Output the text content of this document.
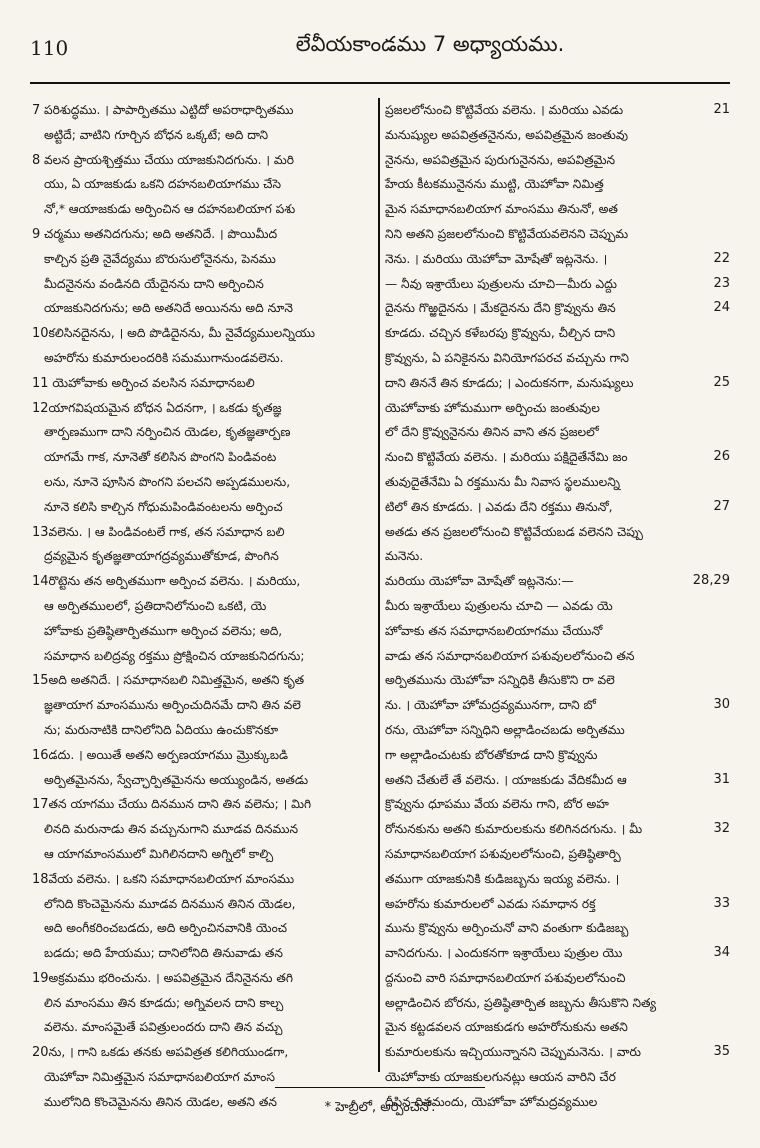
110	లేవీయకాండము 7 అధ్యాయము.
7 పరిశుద్ధము. । పాపార్పితము ఎట్టిదో అపరాధార్పితము
అట్టిదే; వాటిని గూర్చిన బోధన ఒక్కటే; అది దాని
8 వలన ప్రాయశ్చిత్తము చేయు యాజకునిదగును. । మరి
యు, ఏ యాజకుడు ఒకని దహనబలియాగము చేసె
నో,* ఆయాజకుడు అర్పించిన ఆ దహనబలియాగ పశు
9 చర్మము అతనిదగును; అది అతనిదే. । పొయిమీద
కాల్చిన ప్రతి నైవేద్యము బొరుసులోనైనను, పెనము
మీదనైనను వండినది యేదైనను దాని అర్పించిన
యాజకునిదగును; అది అతనిదే అయినను అది నూనె
10కలిసినదైనను, । అది పొడిదైనను, మీ నైవేద్యములన్నియు
అహరోను కుమారులందరికి సమముగానుండవలెను.
11 యెహోవాకు అర్పించ వలసిన సమాధానబలి
12యాగవిషయమైన బోధన ఏదనగా, । ఒకడు కృతజ్ఞ
తార్పణముగా దాని నర్పించిన యెడల, కృతజ్ఞతార్పణ
యాగమే గాక, నూనెతో కలిసిన పొంగని పిండివంట
లను, నూనె పూసిన పొంగని పలచని అప్పడములను,
నూనె కలిసి కాల్చిన గోధుమపిండివంటలను అర్పించ
13వలెను. । ఆ పిండివంటలే గాక, తన సమాధాన బలి
ద్రవ్యమైన కృతజ్ఞతాయాగద్రవ్యముతోకూడ, పొంగిన
14రొట్టెను తన అర్పితముగా అర్పించ వలెను. । మరియు,
ఆ అర్పితములలో, ప్రతిదానిలోనుంచి ఒకటి, యె
హోవాకు ప్రతిష్ఠితార్పితముగా అర్పించ వలెను; అది,
సమాధాన బలిద్రవ్య రక్తము ప్రోక్షించిన యాజకునిదగును;
15అది అతనిదే. । సమాధానబలి నిమిత్తమైన, అతని కృత
జ్ఞతాయాగ మాంసమును అర్పించుదినమే దాని తిన వలె
ను; మరునాటికి దానిలోనిది ఏదియు ఉంచుకొనకూ
16డదు. । అయితే అతని అర్పణయాగము మ్రొక్కుబడి
అర్పితమైనను, స్వేచ్ఛార్పితమైనను అయ్యుండిన, అతడు
17తన యాగము చేయు దినమున దాని తిన వలెను; । మిగి
లినది మరునాడు తిన వచ్చునుగాని మూడవ దినమున
ఆ యాగమాంసములో మిగిలినదాని అగ్నిలో కాల్చి
18వేయ వలెను. । ఒకని సమాధానబలియాగ మాంసము
లోనిది కొంచెమైనను మూడవ దినమున తినిన యెడల,
అది అంగీకరించబడదు, అది అర్పించినవానికి యెంచ
బడదు; అది హేయము; దానిలోనిది తినువాడు తన
19అక్రమము భరించును. । అపవిత్రమైన దేనినైనను తగి
లిన మాంసము తిన కూడదు; అగ్నివలన దాని కాల్చ
వలెను. మాంసమైతే పవిత్రులందరు దాని తిన వచ్చు
20ను, । గాని ఒకడు తనకు అపవిత్రత కలిగియుండగా,
యెహోవా నిమిత్తమైన సమాధానబలియాగ మాంస
ములోనిది కొంచెమైనను తినిన యెడల, అతని తన
ప్రజలలోనుంచి కొట్టివేయ వలెను. । మరియు ఎవడు	21
మనుష్యుల అపవిత్రతనైనను, అపవిత్రమైన జంతువు
నైనను, అపవిత్రమైన పురుగునైనను, అపవిత్రమైన
హేయ కీటకమునైనను ముట్టి, యెహోవా నిమిత్త
మైన సమాధానబలియాగ మాంసము తినునో, అత
నిని అతని ప్రజలలోనుంచి కొట్టివేయవలెనని చెప్పుమ
నెను. । మరియు యెహోవా మోషేతో ఇట్లనెను. ।	22
— నీవు ఇశ్రాయేలు పుత్రులను చూచి—మీరు ఎద్దు	23
దైనను గొఱ్ఱదైనను । మేకదైనను దేని క్రొవ్వును తిన	24
కూడదు. చచ్చిన కళేబరపు క్రొవ్వును, చీల్చిన దాని
క్రొవ్వును, ఏ పనికైనను వినియోగపరచ వచ్చును గాని
దాని తిననే తిన కూడదు; । ఎందుకనగా, మనుష్యులు	25
యెహోవాకు హోమముగా అర్పించు జంతువుల
లో దేని క్రొవ్వునైనను తినిన వాని తన ప్రజలలో
నుంచి కొట్టివేయ వలెను. । మరియు పక్షిదైతేనేమి జం	26
తువుదైతేనేమి ఏ రక్తమును మీ నివాస స్థలములన్ని
టిలో తిన కూడదు. । ఎవడు దేని రక్తము తినునో,	27
అతడు తన ప్రజలలోనుంచి కొట్టివేయబడ వలెనని చెప్పు
మనెను.
మరియు యెహోవా మోషేతో ఇట్లనెను:—	28,29
మీరు ఇశ్రాయేలు పుత్రులను చూచి — ఎవడు యె
హోవాకు తన సమాధానబలియాగము చేయునో
వాడు తన సమాధానబలియాగ పశువులలోనుంచి తన
అర్పితమును యెహోవా సన్నిధికి తీసుకొని రా వలె
ను. । యెహోవా హోమద్రవ్యమునగా, దాని బో	30
రను, యెహోవా సన్నిధిని అల్లాడించబడు అర్పితము
గా అల్లాడించుటకు బోరతోకూడ దాని క్రొవ్వును
అతని చేతులే తే వలెను. । యాజకుడు వేదికమీద ఆ	31
క్రొవ్వును ధూపము వేయ వలెను గాని, బోర అహ
రోనునకును అతని కుమారులకును కలిగినదగును. । మీ	32
సమాధానబలియాగ పశువులలోనుంచి, ప్రతిష్ఠితార్పి
తముగా యాజకునికి కుడిజబ్బను ఇయ్య వలెను. ।
అహరోను కుమారులలో ఎవడు సమాధాన రక్త	33
మును క్రొవ్వును అర్పించునో వాని వంతుగా కుడిజబ్బ
వానిదగును. । ఎందుకనగా ఇశ్రాయేలు పుత్రుల యొ	34
ద్దనుంచి వారి సమాధానబలియాగ పశువులలోనుంచి
అల్లాడించిన బోరను, ప్రతిష్ఠితార్పిత జబ్బను తీసుకొని నిత్య
మైన కట్టడవలన యాజకుడగు అహరోనుకును అతని
కుమారులకును ఇచ్చియున్నానని చెప్పుమనెను. । వారు	35
యెహోవాకు యాజకులగునట్లు ఆయన వారిని చేర
దీసిన దినమందు, యెహోవా హోమద్రవ్యముల
* హెబ్రీలో, అర్పించెనో.
